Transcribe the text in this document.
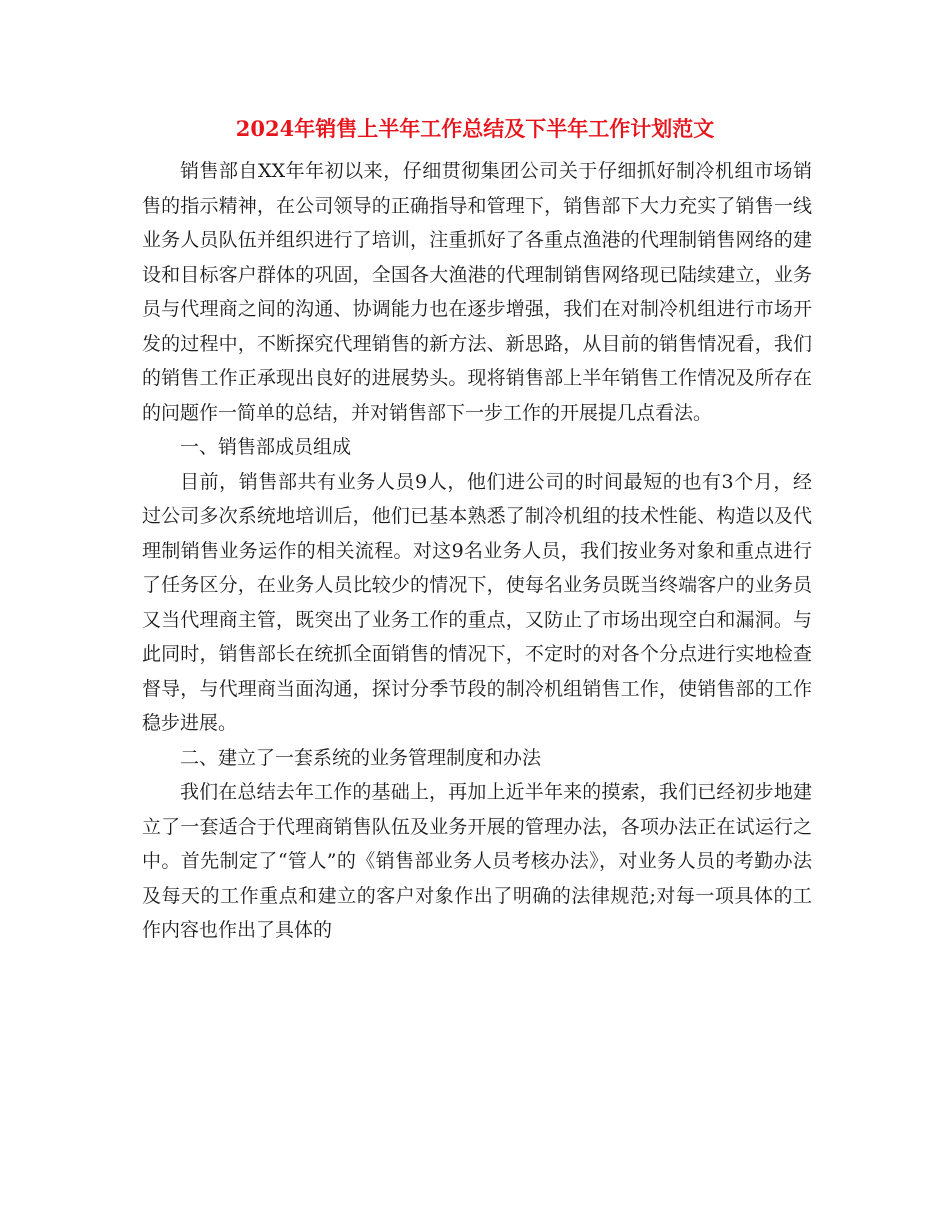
2024年销售上半年工作总结及下半年工作计划范文

销售部自XX年年初以来，仔细贯彻集团公司关于仔细抓好制冷机组市场销售的指示精神，在公司领导的正确指导和管理下，销售部下大力充实了销售一线业务人员队伍并组织进行了培训，注重抓好了各重点渔港的代理制销售网络的建设和目标客户群体的巩固，全国各大渔港的代理制销售网络现已陆续建立，业务员与代理商之间的沟通、协调能力也在逐步增强，我们在对制冷机组进行市场开发的过程中，不断探究代理销售的新方法、新思路，从目前的销售情况看，我们的销售工作正承现出良好的进展势头。现将销售部上半年销售工作情况及所存在的问题作一简单的总结，并对销售部下一步工作的开展提几点看法。

一、销售部成员组成

目前，销售部共有业务人员9人，他们进公司的时间最短的也有3个月，经过公司多次系统地培训后，他们已基本熟悉了制冷机组的技术性能、构造以及代理制销售业务运作的相关流程。对这9名业务人员，我们按业务对象和重点进行了任务区分，在业务人员比较少的情况下，使每名业务员既当终端客户的业务员又当代理商主管，既突出了业务工作的重点，又防止了市场出现空白和漏洞。与此同时，销售部长在统抓全面销售的情况下，不定时的对各个分点进行实地检查督导，与代理商当面沟通，探讨分季节段的制冷机组销售工作，使销售部的工作稳步进展。

二、建立了一套系统的业务管理制度和办法

我们在总结去年工作的基础上，再加上近半年来的摸索，我们已经初步地建立了一套适合于代理商销售队伍及业务开展的管理办法，各项办法正在试运行之中。首先制定了“管人”的《销售部业务人员考核办法》，对业务人员的考勤办法及每天的工作重点和建立的客户对象作出了明确的法律规范;对每一项具体的工作内容也作出了具体的
